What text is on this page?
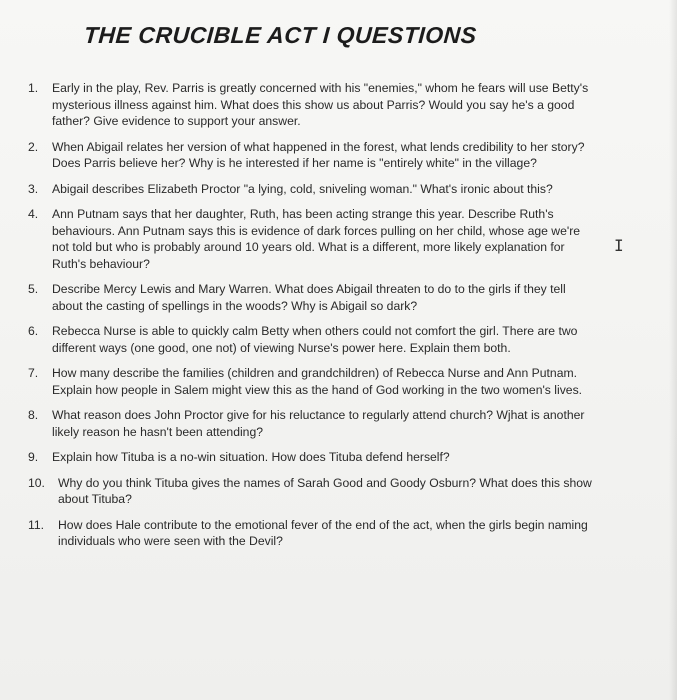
THE CRUCIBLE ACT I QUESTIONS
1.	Early in the play, Rev. Parris is greatly concerned with his "enemies," whom he fears will use Betty's mysterious illness against him. What does this show us about Parris? Would you say he's a good father? Give evidence to support your answer.
2.	When Abigail relates her version of what happened in the forest, what lends credibility to her story? Does Parris believe her? Why is he interested if her name is "entirely white" in the village?
3.	Abigail describes Elizabeth Proctor "a lying, cold, sniveling woman." What's ironic about this?
4.	Ann Putnam says that her daughter, Ruth, has been acting strange this year. Describe Ruth's behaviours. Ann Putnam says this is evidence of dark forces pulling on her child, whose age we're not told but who is probably around 10 years old. What is a different, more likely explanation for Ruth's behaviour?
5.	Describe Mercy Lewis and Mary Warren. What does Abigail threaten to do to the girls if they tell about the casting of spellings in the woods? Why is Abigail so dark?
6.	Rebecca Nurse is able to quickly calm Betty when others could not comfort the girl. There are two different ways (one good, one not) of viewing Nurse's power here. Explain them both.
7.	How many describe the families (children and grandchildren) of Rebecca Nurse and Ann Putnam. Explain how people in Salem might view this as the hand of God working in the two women's lives.
8.	What reason does John Proctor give for his reluctance to regularly attend church? Wjhat is another likely reason he hasn't been attending?
9.	Explain how Tituba is a no-win situation. How does Tituba defend herself?
10.	Why do you think Tituba gives the names of Sarah Good and Goody Osburn? What does this show about Tituba?
11.	How does Hale contribute to the emotional fever of the end of the act, when the girls begin naming individuals who were seen with the Devil?
I
